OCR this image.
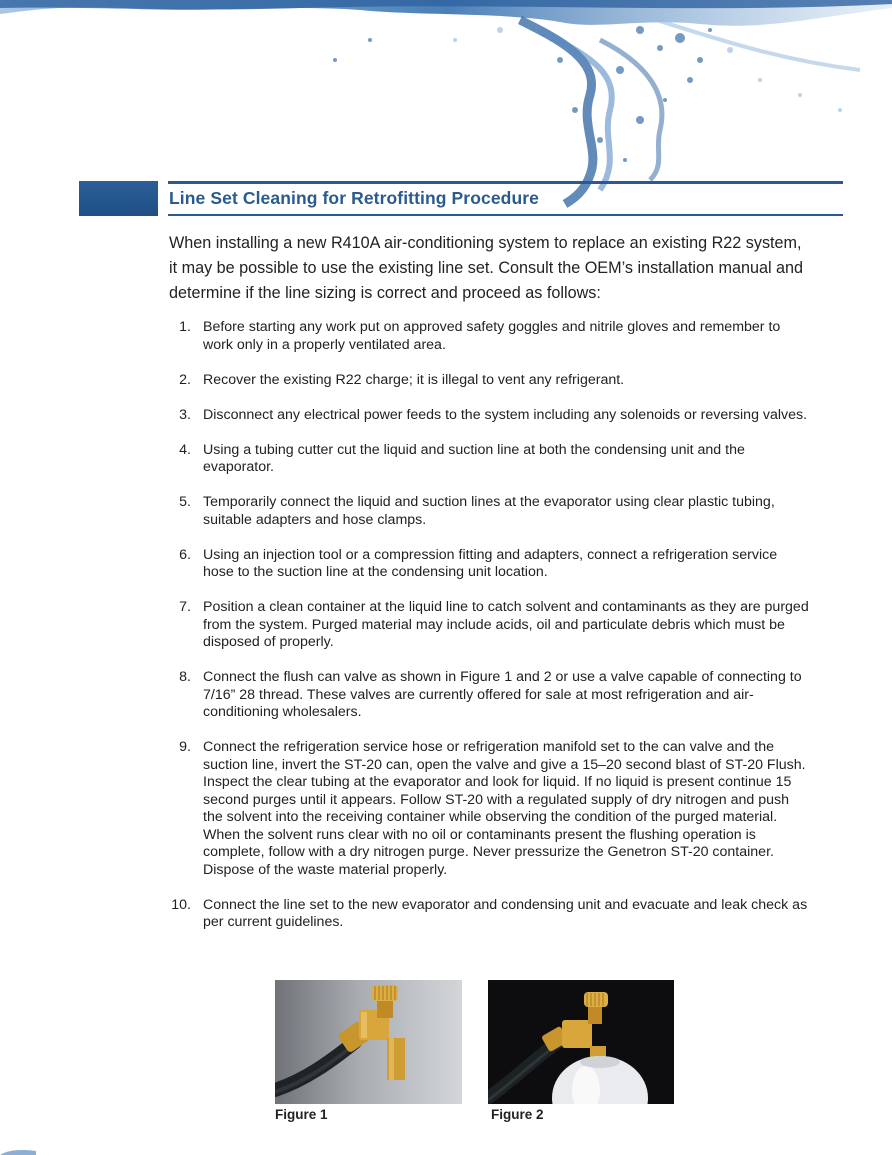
Line Set Cleaning for Retrofitting Procedure

When installing a new R410A air-conditioning system to replace an existing R22 system, it may be possible to use the existing line set. Consult the OEM’s installation manual and determine if the line sizing is correct and proceed as follows:

1. Before starting any work put on approved safety goggles and nitrile gloves and remember to work only in a properly ventilated area.
2. Recover the existing R22 charge; it is illegal to vent any refrigerant.
3. Disconnect any electrical power feeds to the system including any solenoids or reversing valves.
4. Using a tubing cutter cut the liquid and suction line at both the condensing unit and the evaporator.
5. Temporarily connect the liquid and suction lines at the evaporator using clear plastic tubing, suitable adapters and hose clamps.
6. Using an injection tool or a compression fitting and adapters, connect a refrigeration service hose to the suction line at the condensing unit location.
7. Position a clean container at the liquid line to catch solvent and contaminants as they are purged from the system. Purged material may include acids, oil and particulate debris which must be disposed of properly.
8. Connect the flush can valve as shown in Figure 1 and 2 or use a valve capable of connecting to 7/16” 28 thread. These valves are currently offered for sale at most refrigeration and air-conditioning wholesalers.
9. Connect the refrigeration service hose or refrigeration manifold set to the can valve and the suction line, invert the ST-20 can, open the valve and give a 15–20 second blast of ST-20 Flush. Inspect the clear tubing at the evaporator and look for liquid. If no liquid is present continue 15 second purges until it appears. Follow ST-20 with a regulated supply of dry nitrogen and push the solvent into the receiving container while observing the condition of the purged material. When the solvent runs clear with no oil or contaminants present the flushing operation is complete, follow with a dry nitrogen purge. Never pressurize the Genetron ST-20 container. Dispose of the waste material properly.
10. Connect the line set to the new evaporator and condensing unit and evacuate and leak check as per current guidelines.
Figure 1	Figure 2
